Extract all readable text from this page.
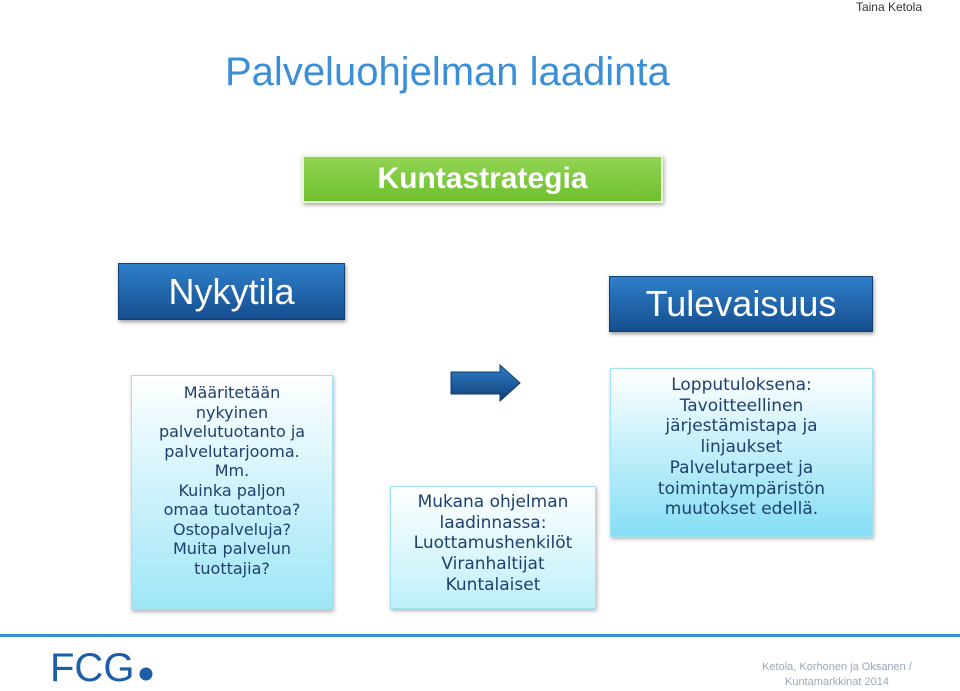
Taina Ketola
Palveluohjelman laadinta
Kuntastrategia
Nykytila	Tulevaisuus
Määritetään
nykyinen
palvelutuotanto ja
palvelutarjooma.
Mm.
Kuinka paljon
omaa tuotantoa?
Ostopalveluja?
Muita palvelun
tuottajia?
Mukana ohjelman
laadinnassa:
Luottamushenkilöt
Viranhaltijat
Kuntalaiset
Lopputuloksena:
Tavoitteellinen
järjestämistapa ja
linjaukset
Palvelutarpeet ja
toimintaympäristön
muutokset edellä.
FCG	Ketola, Korhonen ja Oksanen /
Kuntamarkkinat 2014
